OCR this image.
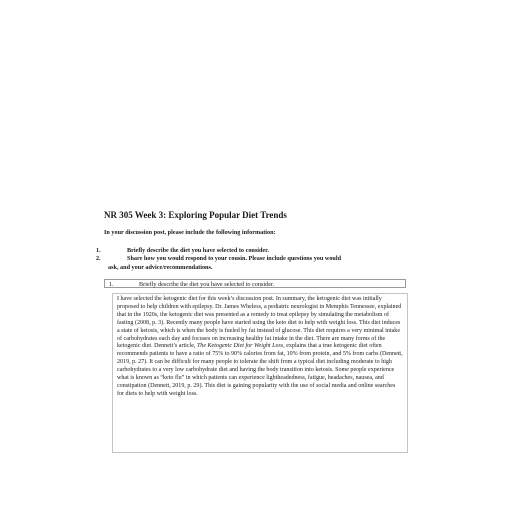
NR 305 Week 3: Exploring Popular Diet Trends
In your discussion post, please include the following information:
1.	Briefly describe the diet you have selected to consider.
2.	Share how you would respond to your cousin. Please include questions you would
ask, and your advice/recommendations.
1.	Briefly describe the diet you have selected to consider.

I have selected the ketogenic diet for this week’s discussion post. In summary, the ketogenic diet was initially proposed to help children with epilepsy. Dr. James Wheless, a pediatric neurologist in Memphis Tennessee, explained that in the 1920s, the ketogenic diet was presented as a remedy to treat epilepsy by simulating the metabolism of fasting (2008, p. 3). Recently many people have started using the keto diet to help with weight loss. This diet induces a state of ketosis, which is when the body is fueled by fat instead of glucose. This diet requires a very minimal intake of carbohydrates each day and focuses on increasing healthy fat intake in the diet. There are many forms of the ketogenic diet. Dennett’s article, The Ketogenic Diet for Weight Loss, explains that a true ketogenic diet often recommends patients to have a ratio of 75% to 90% calories from fat, 10% from protein, and 5% from carbs (Dennett, 2019, p. 27). It can be difficult for many people to tolerate the shift from a typical diet including moderate to high carbohydrates to a very low carbohydrate diet and having the body transition into ketosis. Some people experience what is known as “keto flu” in which patients can experience lightheadedness, fatigue, headaches, nausea, and constipation (Dennett, 2019, p. 29). This diet is gaining popularity with the use of social media and online searches for diets to help with weight loss.
